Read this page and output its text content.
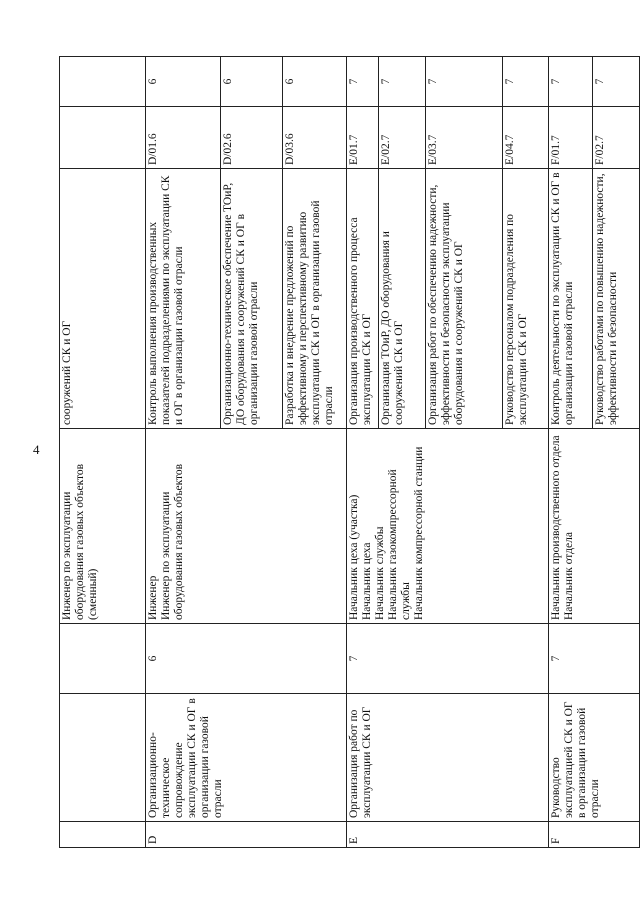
4
			Инженер по эксплуатации оборудования газовых объектов (сменный)	сооружений СК и ОГ		
D	Организационно-техническое сопровождение эксплуатации СК и ОГ в организации газовой отрасли	6	Инженер Инженер по эксплуатации оборудования газовых объектов	Контроль выполнения производственных показателей подразделениями по эксплуатации СК и ОГ в организации газовой отрасли	D/01.6	6
				Организационно-техническое обеспечение ТОиР, ДО оборудования и сооружений СК и ОГ в организации газовой отрасли	D/02.6	6
				Разработка и внедрение предложений по эффективному и перспективному развитию эксплуатации СК и ОГ в организации газовой отрасли	D/03.6	6
E	Организация работ по эксплуатации СК и ОГ	7	Начальник цеха (участка) Начальник цеха Начальник службы Начальник газокомпрессорной службы Начальник компрессорной станции	Организация производственного процесса эксплуатации СК и ОГ	E/01.7	7
				Организация ТОиР, ДО оборудования и сооружений СК и ОГ	E/02.7	7
				Организация работ по обеспечению надежности, эффективности и безопасности эксплуатации оборудования и сооружений СК и ОГ	E/03.7	7
				Руководство персоналом подразделения по эксплуатации СК и ОГ	E/04.7	7
F	Руководство эксплуатацией СК и ОГ в организации газовой отрасли	7	Начальник производственного отдела Начальник отдела	Контроль деятельности по эксплуатации СК и ОГ в организации газовой отрасли	F/01.7	7
				Руководство работами по повышению надежности, эффективности и безопасности	F/02.7	7
